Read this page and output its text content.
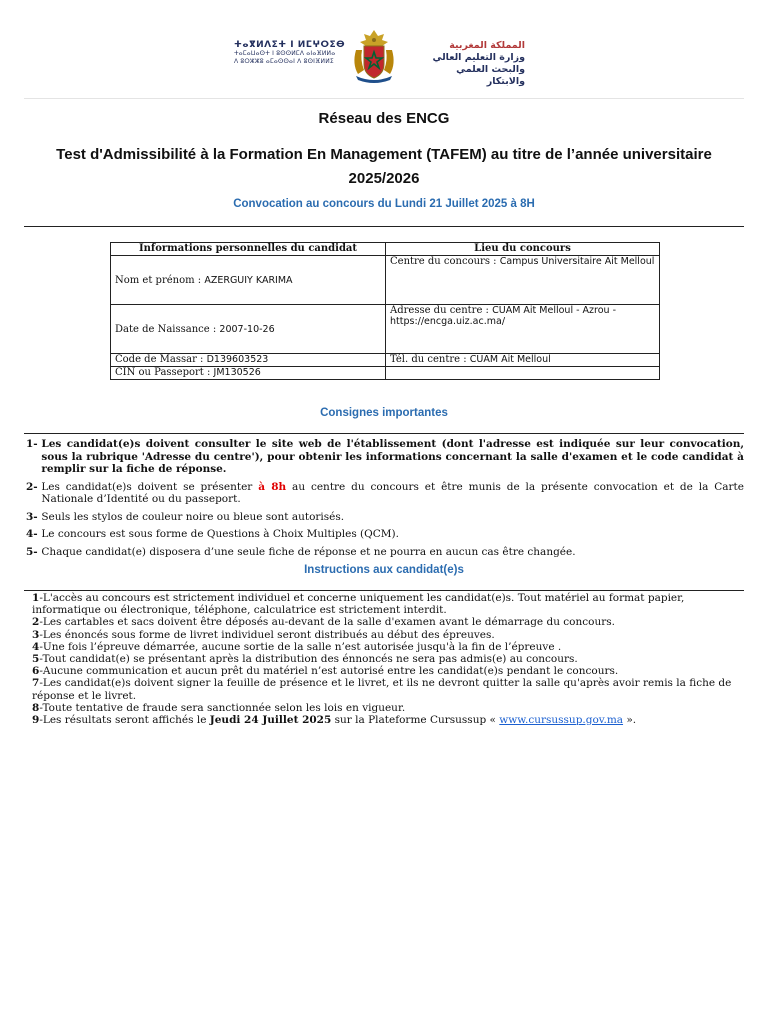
ⵜⴰⴳⵍⴷⵉⵜ ⵏ ⵍⵎⵖⵔⵉⴱ
ⵜⴰⵎⴰⵡⴰⵙⵜ ⵏ ⵓⵙⵙⵍⵎⴷ ⴰⵏⴰⴼⵍⵍⴰ
ⴷ ⵓⵔⵣⵣⵓ ⴰⵎⴰⵙⵙⴰⵏ ⴷ ⵓⵙⵏⴼⵍⵍⵉ
المملكة المغربية
وزارة التعليم العالي
والبحث العلمي والابتكار
Réseau des ENCG
Test d'Admissibilité à la Formation En Management (TAFEM) au titre de l’année universitaire 2025/2026
Convocation au concours du Lundi 21 Juillet 2025 à 8H
Informations personnelles du candidat	Lieu du concours
Nom et prénom : AZERGUIY KARIMA	Centre du concours : Campus Universitaire Ait Melloul
Date de Naissance : 2007-10-26	Adresse du centre : CUAM Ait Melloul - Azrou - https://encga.uiz.ac.ma/
Code de Massar : D139603523	Tél. du centre : CUAM Ait Melloul
CIN ou Passeport : JM130526	
Consignes importantes
1- Les candidat(e)s doivent consulter le site web de l'établissement (dont l'adresse est indiquée sur leur convocation, sous la rubrique 'Adresse du centre'), pour obtenir les informations concernant la salle d'examen et le code candidat à remplir sur la fiche de réponse.
2- Les candidat(e)s doivent se présenter à 8h au centre du concours et être munis de la présente convocation et de la Carte Nationale d’Identité ou du passeport.
3- Seuls les stylos de couleur noire ou bleue sont autorisés.
4- Le concours est sous forme de Questions à Choix Multiples (QCM).
5- Chaque candidat(e) disposera d’une seule fiche de réponse et ne pourra en aucun cas être changée.
Instructions aux candidat(e)s
1-L'accès au concours est strictement individuel et concerne uniquement les candidat(e)s. Tout matériel au format papier, informatique ou électronique, téléphone, calculatrice est strictement interdit.
2-Les cartables et sacs doivent être déposés au-devant de la salle d'examen avant le démarrage du concours.
3-Les énoncés sous forme de livret individuel seront distribués au début des épreuves.
4-Une fois l’épreuve démarrée, aucune sortie de la salle n’est autorisée jusqu'à la fin de l’épreuve .
5-Tout candidat(e) se présentant après la distribution des énnoncés ne sera pas admis(e) au concours.
6-Aucune communication et aucun prêt du matériel n’est autorisé entre les candidat(e)s pendant le concours.
7-Les candidat(e)s doivent signer la feuille de présence et le livret, et ils ne devront quitter la salle qu'après avoir remis la fiche de réponse et le livret.
8-Toute tentative de fraude sera sanctionnée selon les lois en vigueur.
9-Les résultats seront affichés le Jeudi 24 Juillet 2025 sur la Plateforme Cursussup « www.cursussup.gov.ma ».
